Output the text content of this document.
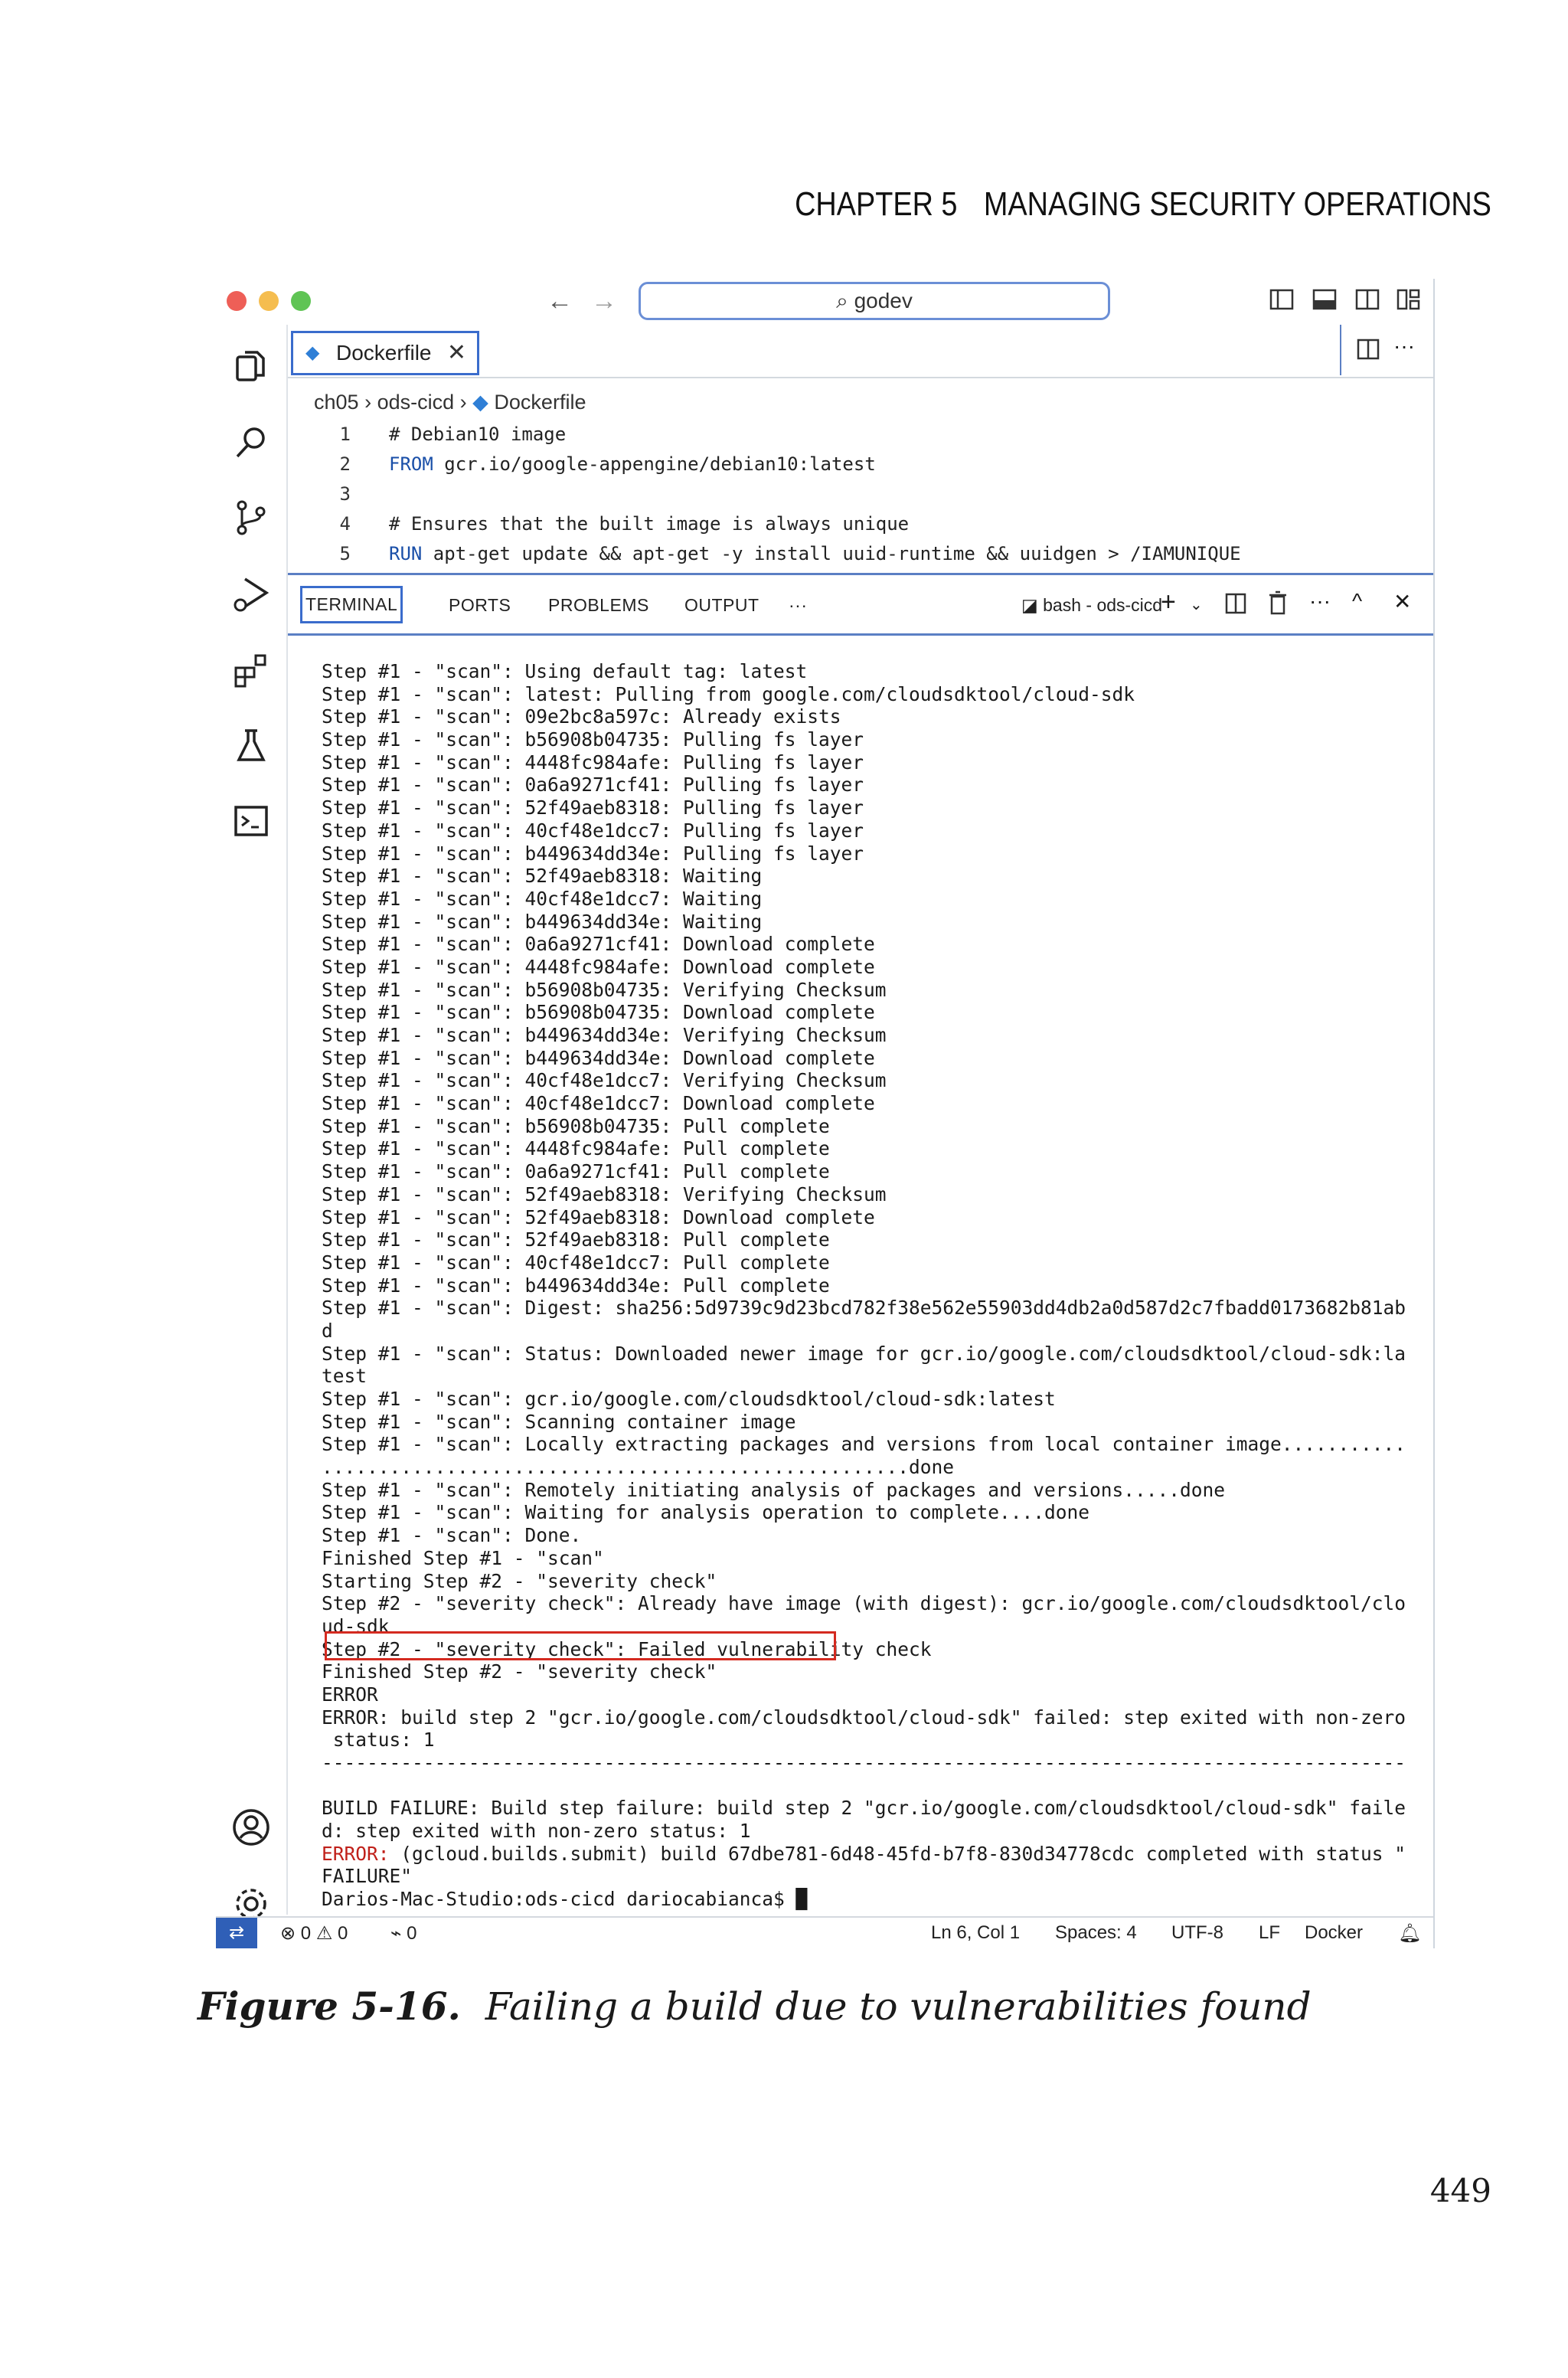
CHAPTER 5 MANAGING SECURITY OPERATIONS
← →	⌕ godev
◆ Dockerfile ✕	···
ch05 › ods-cicd › ◆ Dockerfile
1 # Debian10 image
2 FROM gcr.io/google-appengine/debian10:latest
3
4 # Ensures that the built image is always unique
5 RUN apt-get update && apt-get -y install uuid-runtime && uuidgen > /IAMUNIQUE
TERMINAL	PORTS PROBLEMS OUTPUT ···	◪ bash - ods-cicd
+ ⌄	··· ^ ✕
Step #1 - "scan": Using default tag: latest
Step #1 - "scan": latest: Pulling from google.com/cloudsdktool/cloud-sdk
Step #1 - "scan": 09e2bc8a597c: Already exists
Step #1 - "scan": b56908b04735: Pulling fs layer
Step #1 - "scan": 4448fc984afe: Pulling fs layer
Step #1 - "scan": 0a6a9271cf41: Pulling fs layer
Step #1 - "scan": 52f49aeb8318: Pulling fs layer
Step #1 - "scan": 40cf48e1dcc7: Pulling fs layer
Step #1 - "scan": b449634dd34e: Pulling fs layer
Step #1 - "scan": 52f49aeb8318: Waiting
Step #1 - "scan": 40cf48e1dcc7: Waiting
Step #1 - "scan": b449634dd34e: Waiting
Step #1 - "scan": 0a6a9271cf41: Download complete
Step #1 - "scan": 4448fc984afe: Download complete
Step #1 - "scan": b56908b04735: Verifying Checksum
Step #1 - "scan": b56908b04735: Download complete
Step #1 - "scan": b449634dd34e: Verifying Checksum
Step #1 - "scan": b449634dd34e: Download complete
Step #1 - "scan": 40cf48e1dcc7: Verifying Checksum
Step #1 - "scan": 40cf48e1dcc7: Download complete
Step #1 - "scan": b56908b04735: Pull complete
Step #1 - "scan": 4448fc984afe: Pull complete
Step #1 - "scan": 0a6a9271cf41: Pull complete
Step #1 - "scan": 52f49aeb8318: Verifying Checksum
Step #1 - "scan": 52f49aeb8318: Download complete
Step #1 - "scan": 52f49aeb8318: Pull complete
Step #1 - "scan": 40cf48e1dcc7: Pull complete
Step #1 - "scan": b449634dd34e: Pull complete
Step #1 - "scan": Digest: sha256:5d9739c9d23bcd782f38e562e55903dd4db2a0d587d2c7fbadd0173682b81ab
d
Step #1 - "scan": Status: Downloaded newer image for gcr.io/google.com/cloudsdktool/cloud-sdk:la
test
Step #1 - "scan": gcr.io/google.com/cloudsdktool/cloud-sdk:latest
Step #1 - "scan": Scanning container image
Step #1 - "scan": Locally extracting packages and versions from local container image...........
....................................................done
Step #1 - "scan": Remotely initiating analysis of packages and versions.....done
Step #1 - "scan": Waiting for analysis operation to complete....done
Step #1 - "scan": Done.
Finished Step #1 - "scan"
Starting Step #2 - "severity check"
Step #2 - "severity check": Already have image (with digest): gcr.io/google.com/cloudsdktool/clo
ud-sdk
Step #2 - "severity check": Failed vulnerability check
Finished Step #2 - "severity check"
ERROR
ERROR: build step 2 "gcr.io/google.com/cloudsdktool/cloud-sdk" failed: step exited with non-zero
status: 1
------------------------------------------------------------------------------------------------
BUILD FAILURE: Build step failure: build step 2 "gcr.io/google.com/cloudsdktool/cloud-sdk" faile
d: step exited with non-zero status: 1
ERROR: (gcloud.builds.submit) build 67dbe781-6d48-45fd-b7f8-830d34778cdc completed with status "
FAILURE"
Darios-Mac-Studio:ods-cicd dariocabianca$ █
⇄	⊗ 0 ⚠ 0 ⌁ 0	Ln 6, Col 1 Spaces: 4 UTF-8 LF Docker 🔔︎
Figure 5-16. Failing a build due to vulnerabilities found
449
